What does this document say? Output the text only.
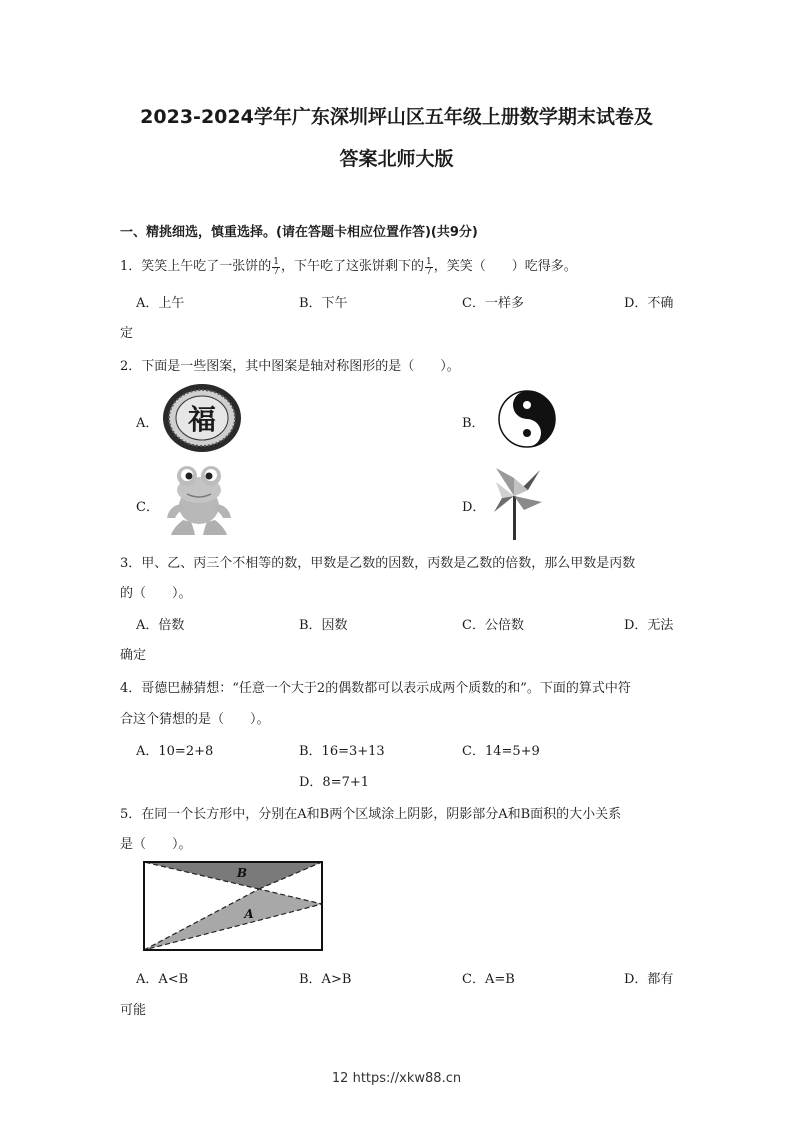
2023-2024学年广东深圳坪山区五年级上册数学期末试卷及
答案北师大版
一、精挑细选，慎重选择。(请在答题卡相应位置作答)(共9分)
1．笑笑上午吃了一张饼的 $\frac{1}{7}$ ，下午吃了这张饼剩下的 $\frac{1}{7}$ ，笑笑（　　）吃得多。
A．上午	B．下午	C．一样多	D．不确
定
2．下面是一些图案，其中图案是轴对称图形的是（　　）。
A． 福	B．
C．	D．
3．甲、乙、丙三个不相等的数，甲数是乙数的因数，丙数是乙数的倍数，那么甲数是丙数
的（　　）。
A．倍数	B．因数	C．公倍数	D．无法
确定
4．哥德巴赫猜想：“任意一个大于2的偶数都可以表示成两个质数的和”。下面的算式中符
合这个猜想的是（　　）。
A．10=2+8	B．16=3+13	C．14=5+9
D．8=7+1
5．在同一个长方形中，分别在A和B两个区域涂上阴影，阴影部分A和B面积的大小关系
是（　　）。
B
A
A．A<B	B．A>B	C．A=B	D．都有
可能
12 https://xkw88.cn
